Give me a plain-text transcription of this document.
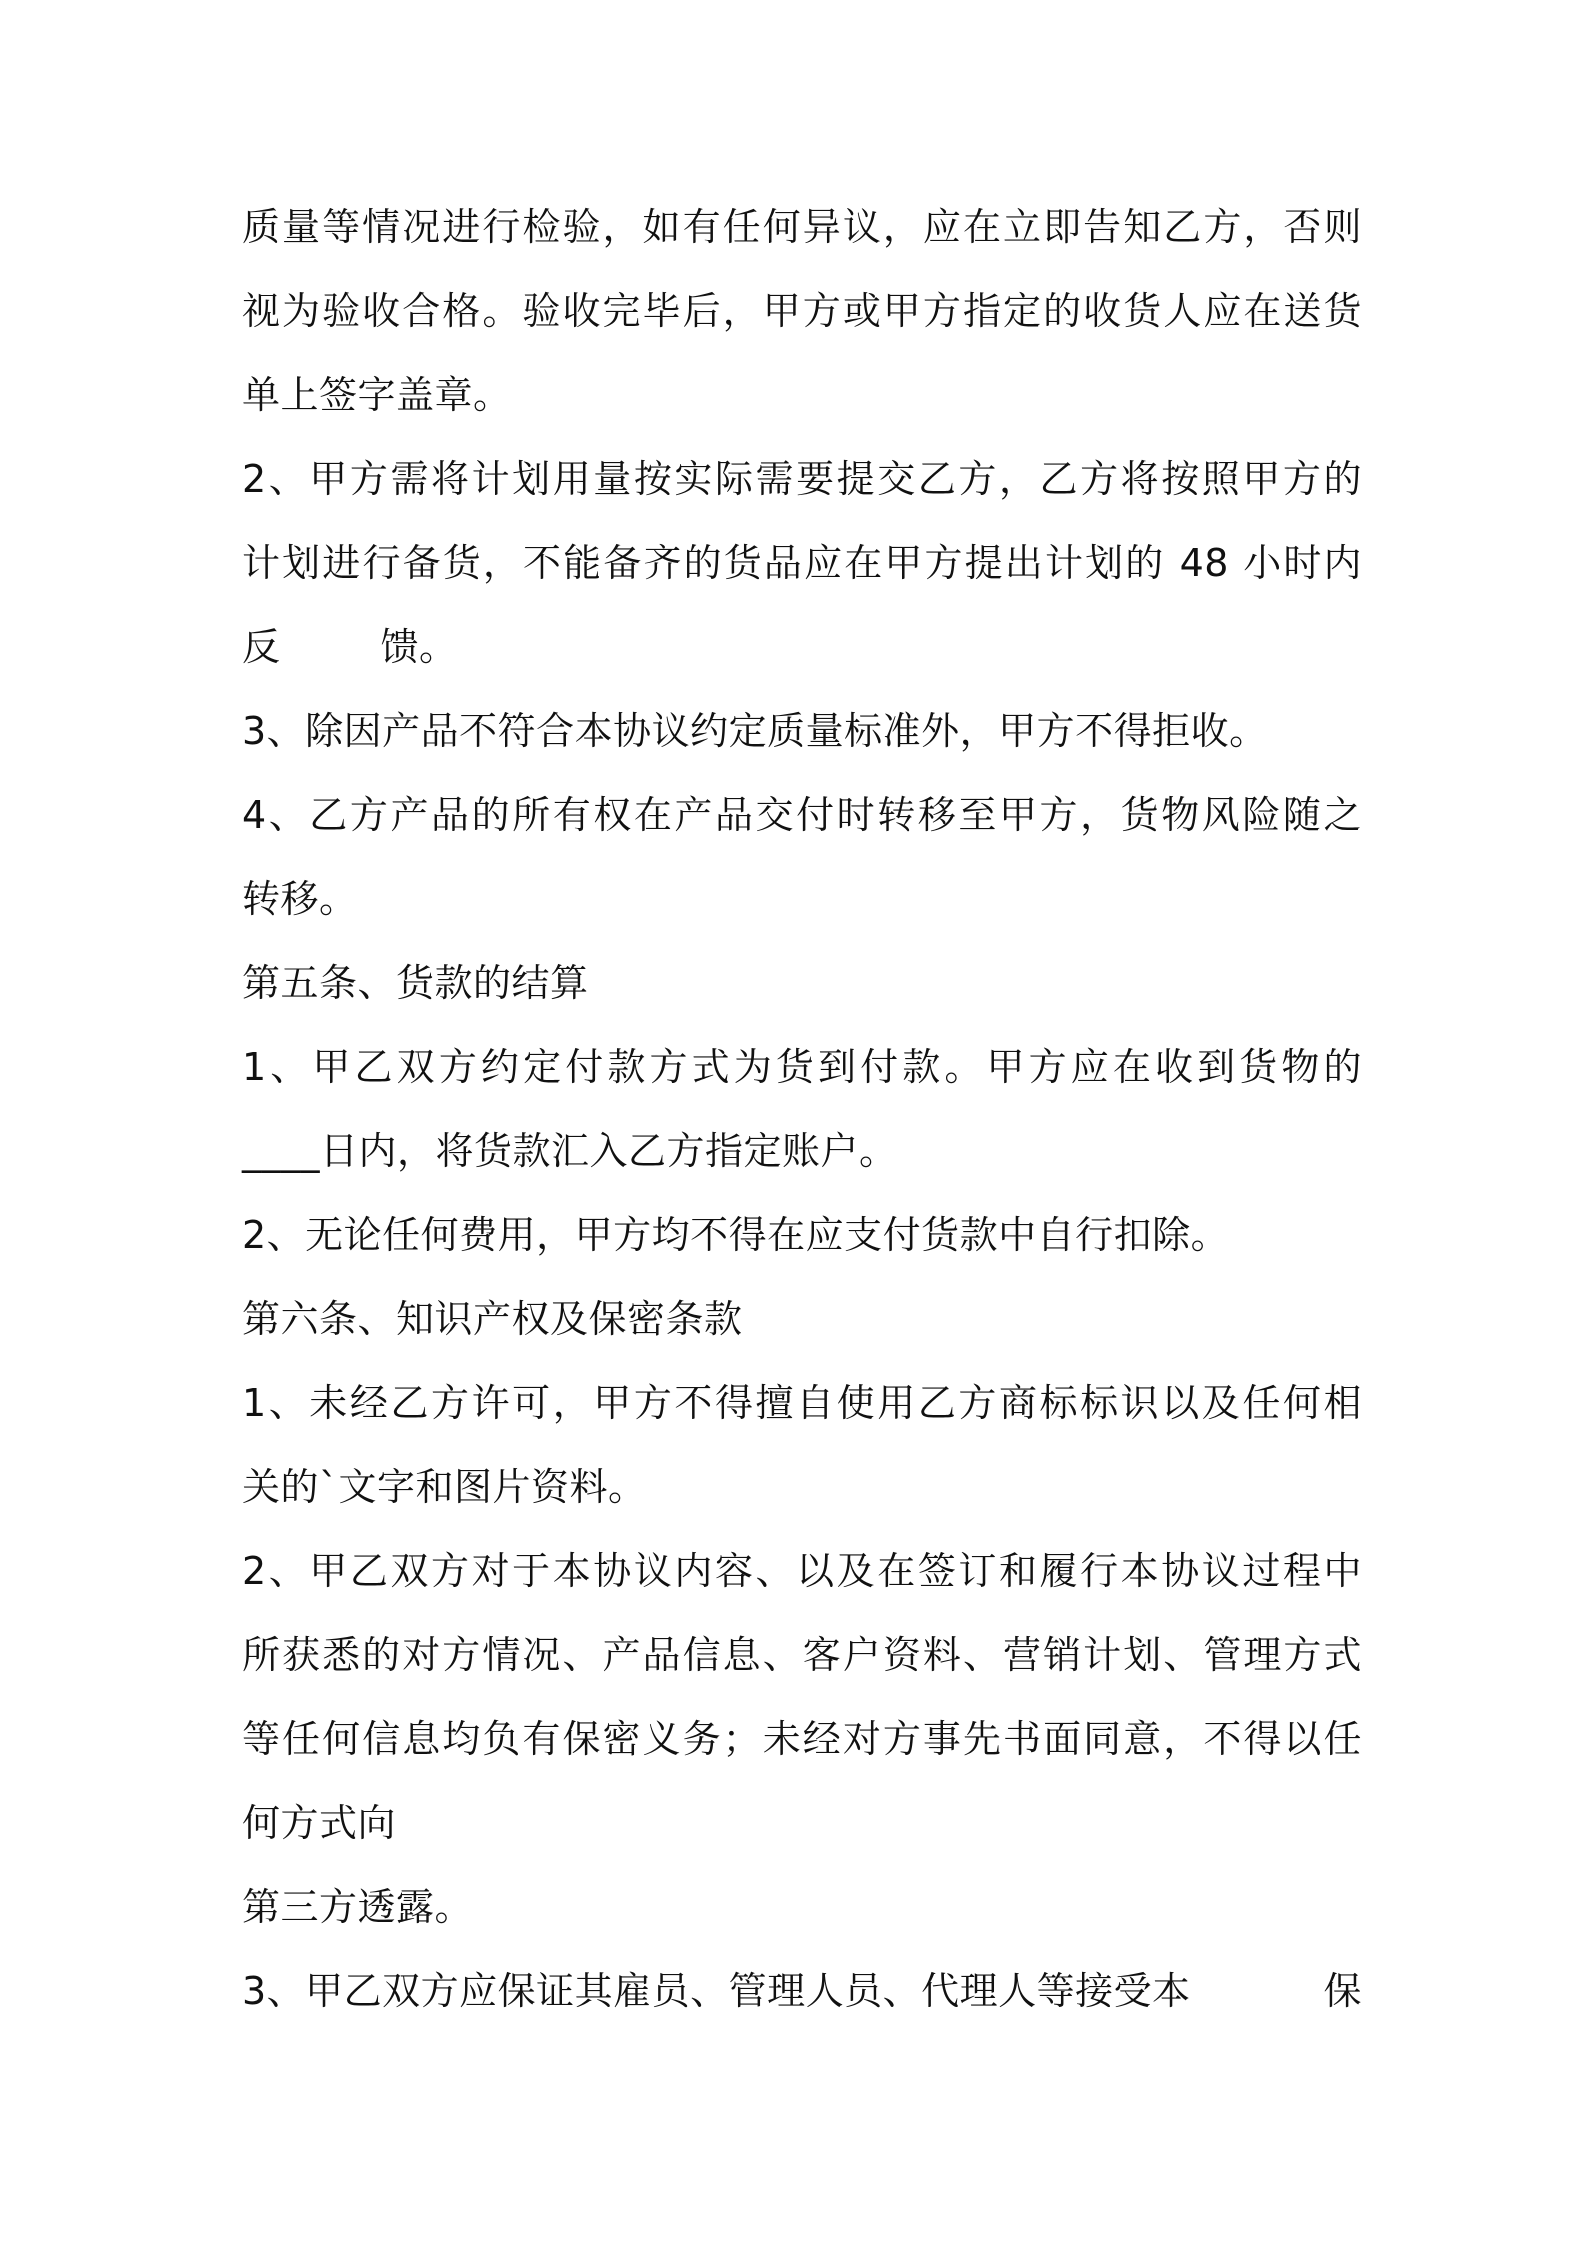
质量等情况进行检验，如有任何异议，应在立即告知乙方，否则
视为验收合格。验收完毕后，甲方或甲方指定的收货人应在送货
单上签字盖章。
2、甲方需将计划用量按实际需要提交乙方，乙方将按照甲方的
计划进行备货，不能备齐的货品应在甲方提出计划的 48 小时内
反	馈。
3、除因产品不符合本协议约定质量标准外，甲方不得拒收。
4、乙方产品的所有权在产品交付时转移至甲方，货物风险随之
转移。
第五条、货款的结算
1、甲乙双方约定付款方式为货到付款。甲方应在收到货物的
____日内，将货款汇入乙方指定账户。
2、无论任何费用，甲方均不得在应支付货款中自行扣除。
第六条、知识产权及保密条款
1、未经乙方许可，甲方不得擅自使用乙方商标标识以及任何相
关的`文字和图片资料。
2、甲乙双方对于本协议内容、以及在签订和履行本协议过程中
所获悉的对方情况、产品信息、客户资料、营销计划、管理方式
等任何信息均负有保密义务；未经对方事先书面同意，不得以任
何方式向
第三方透露。
3、甲乙双方应保证其雇员、管理人员、代理人等接受本	保
